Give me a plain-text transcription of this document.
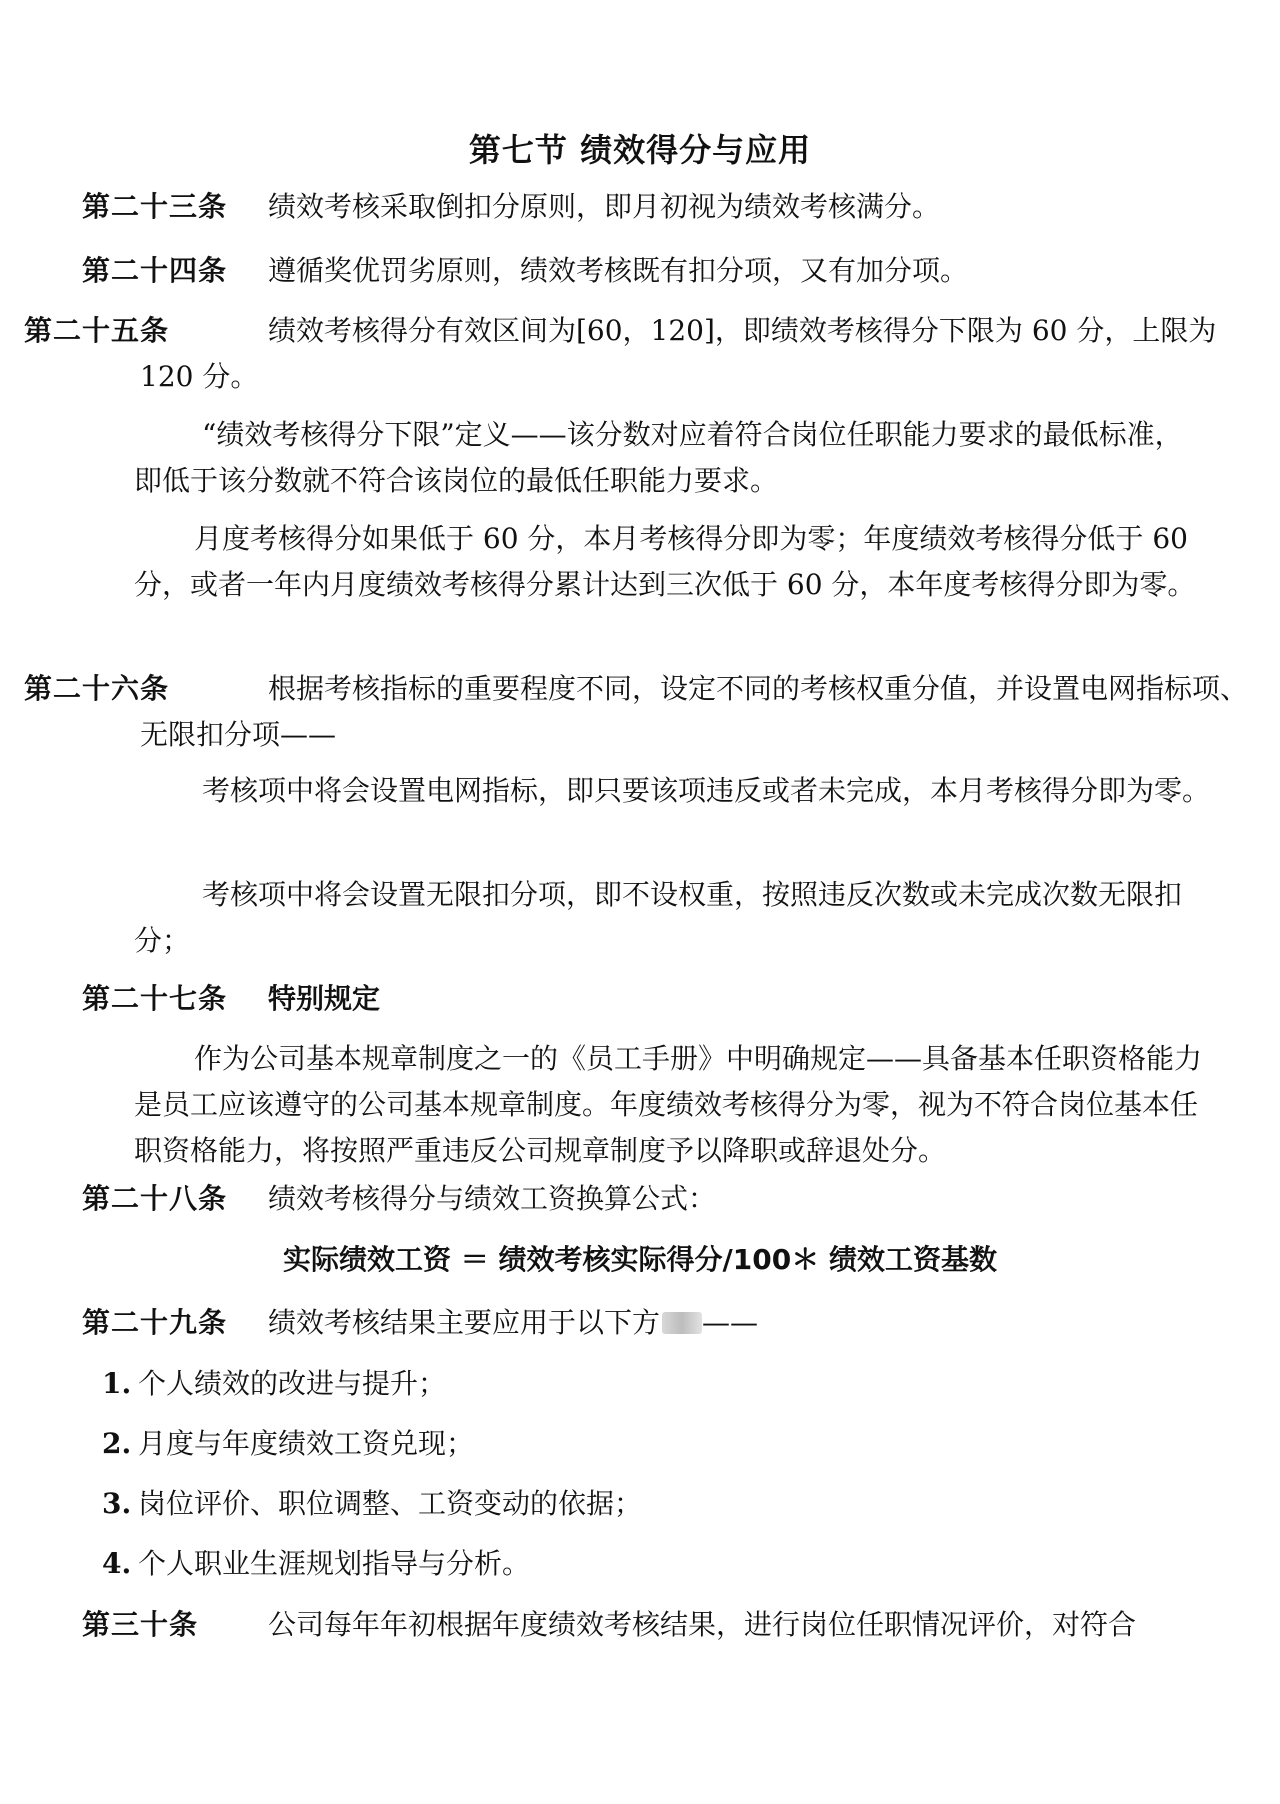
第七节 绩效得分与应用

第二十三条 绩效考核采取倒扣分原则，即月初视为绩效考核满分。

第二十四条 遵循奖优罚劣原则，绩效考核既有扣分项，又有加分项。

第二十五条	绩效考核得分有效区间为[60，120]，即绩效考核得分下限为 60 分，上限为 120 分。

“绩效考核得分下限”定义——该分数对应着符合岗位任职能力要求的最低标准，即低于该分数就不符合该岗位的最低任职能力要求。

月度考核得分如果低于 60 分，本月考核得分即为零；年度绩效考核得分低于 60 分，或者一年内月度绩效考核得分累计达到三次低于 60 分，本年度考核得分即为零。

第二十六条	根据考核指标的重要程度不同，设定不同的考核权重分值，并设置电网指标项、无限扣分项——

考核项中将会设置电网指标，即只要该项违反或者未完成，本月考核得分即为零。

考核项中将会设置无限扣分项，即不设权重，按照违反次数或未完成次数无限扣分；

第二十七条 特别规定

作为公司基本规章制度之一的《员工手册》中明确规定——具备基本任职资格能力是员工应该遵守的公司基本规章制度。年度绩效考核得分为零，视为不符合岗位基本任职资格能力，将按照严重违反公司规章制度予以降职或辞退处分。

第二十八条 绩效考核得分与绩效工资换算公式：

实际绩效工资 ＝ 绩效考核实际得分/100＊ 绩效工资基数

第二十九条 绩效考核结果主要应用于以下方 ——

1. 个人绩效的改进与提升；
2. 月度与年度绩效工资兑现；
3. 岗位评价、职位调整、工资变动的依据；
4. 个人职业生涯规划指导与分析。

第三十条 公司每年年初根据年度绩效考核结果，进行岗位任职情况评价，对符合
